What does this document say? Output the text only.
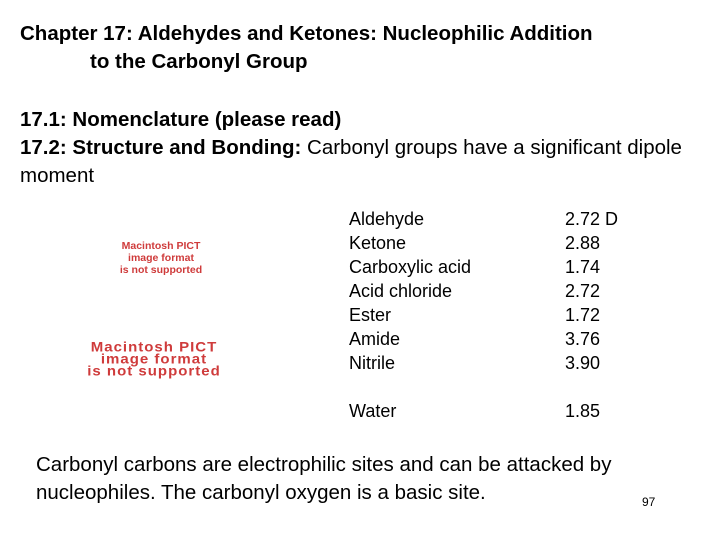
Chapter 17: Aldehydes and Ketones: Nucleophilic Addition
to the Carbonyl Group
17.1: Nomenclature (please read)
17.2: Structure and Bonding: Carbonyl groups have a significant dipole moment
Macintosh PICT
image format
is not supported
Macintosh PICT
image format
is not supported
Aldehyde	2.72 D
Ketone	2.88
Carboxylic acid	1.74
Acid chloride	2.72
Ester	1.72
Amide	3.76
Nitrile	3.90
Water	1.85
Carbonyl carbons are electrophilic sites and can be attacked by nucleophiles. The carbonyl oxygen is a basic site.	97
